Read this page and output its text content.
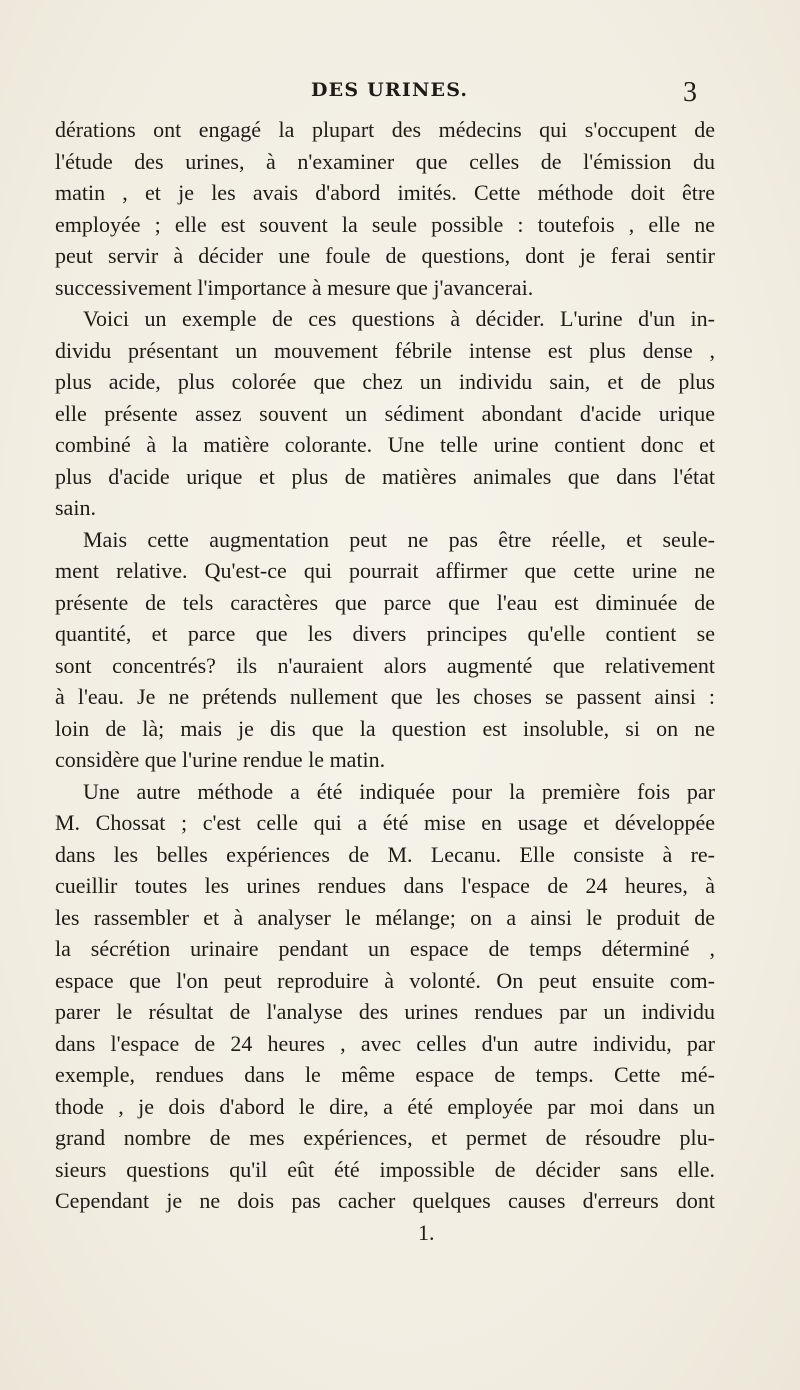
DES URINES.	3
dérations ont engagé la plupart des médecins qui s'occupent de
l'étude des urines, à n'examiner que celles de l'émission du
matin , et je les avais d'abord imités. Cette méthode doit être
employée ; elle est souvent la seule possible : toutefois , elle ne
peut servir à décider une foule de questions, dont je ferai sentir
successivement l'importance à mesure que j'avancerai.
Voici un exemple de ces questions à décider. L'urine d'un in-
dividu présentant un mouvement fébrile intense est plus dense ,
plus acide, plus colorée que chez un individu sain, et de plus
elle présente assez souvent un sédiment abondant d'acide urique
combiné à la matière colorante. Une telle urine contient donc et
plus d'acide urique et plus de matières animales que dans l'état
sain.
Mais cette augmentation peut ne pas être réelle, et seule-
ment relative. Qu'est-ce qui pourrait affirmer que cette urine ne
présente de tels caractères que parce que l'eau est diminuée de
quantité, et parce que les divers principes qu'elle contient se
sont concentrés? ils n'auraient alors augmenté que relativement
à l'eau. Je ne prétends nullement que les choses se passent ainsi :
loin de là; mais je dis que la question est insoluble, si on ne
considère que l'urine rendue le matin.
Une autre méthode a été indiquée pour la première fois par
M. Chossat ; c'est celle qui a été mise en usage et développée
dans les belles expériences de M. Lecanu. Elle consiste à re-
cueillir toutes les urines rendues dans l'espace de 24 heures, à
les rassembler et à analyser le mélange; on a ainsi le produit de
la sécrétion urinaire pendant un espace de temps déterminé ,
espace que l'on peut reproduire à volonté. On peut ensuite com-
parer le résultat de l'analyse des urines rendues par un individu
dans l'espace de 24 heures , avec celles d'un autre individu, par
exemple, rendues dans le même espace de temps. Cette mé-
thode , je dois d'abord le dire, a été employée par moi dans un
grand nombre de mes expériences, et permet de résoudre plu-
sieurs questions qu'il eût été impossible de décider sans elle.
Cependant je ne dois pas cacher quelques causes d'erreurs dont
1.
